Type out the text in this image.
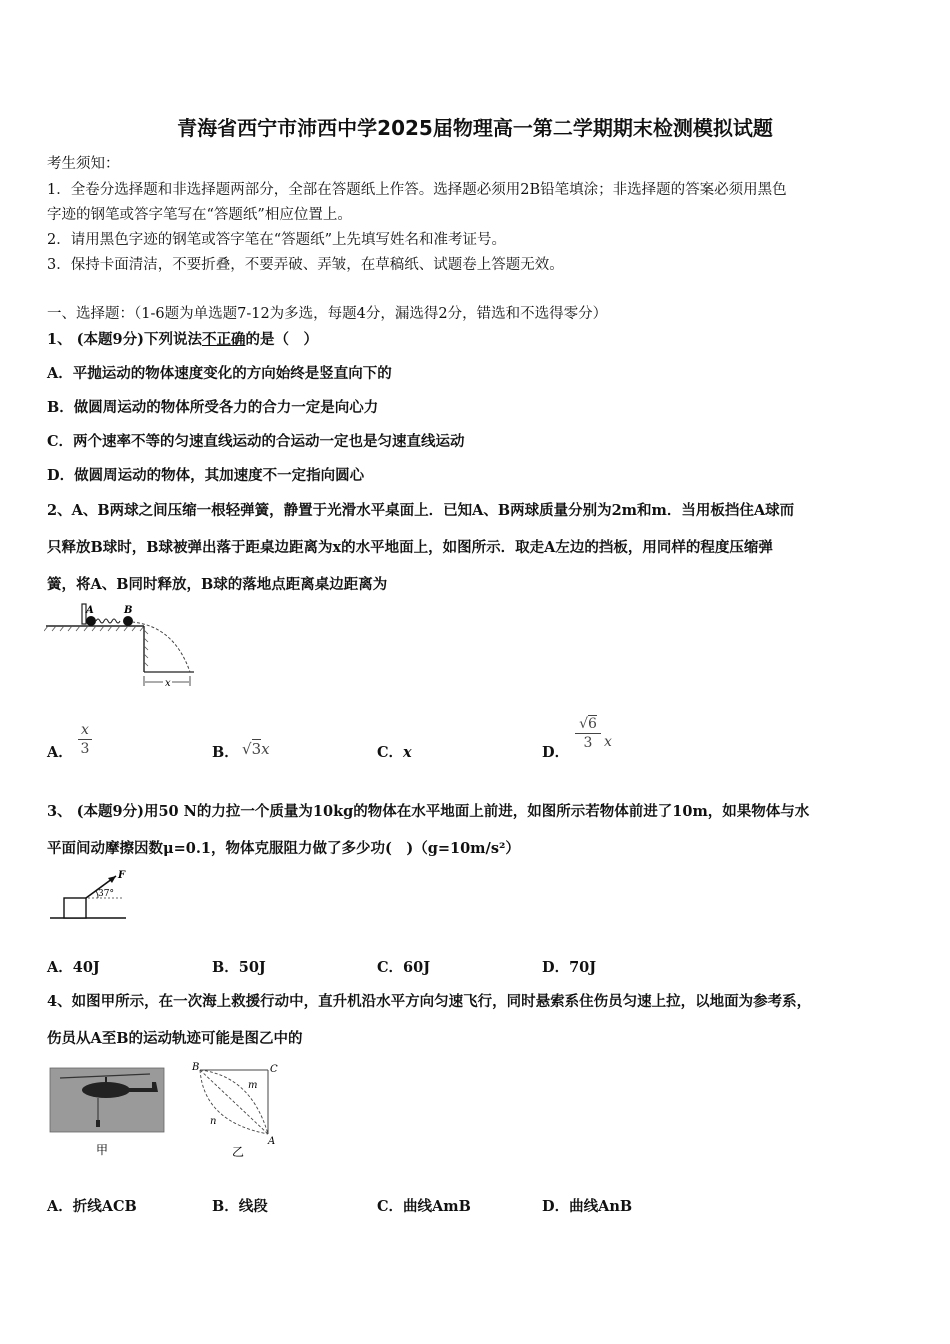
青海省西宁市沛西中学2025届物理高一第二学期期末检测模拟试题
考生须知：
1．全卷分选择题和非选择题两部分，全部在答题纸上作答。选择题必须用2B铅笔填涂；非选择题的答案必须用黑色
字迹的钢笔或答字笔写在“答题纸”相应位置上。
2．请用黑色字迹的钢笔或答字笔在“答题纸”上先填写姓名和准考证号。
3．保持卡面清洁，不要折叠，不要弄破、弄皱，在草稿纸、试题卷上答题无效。
一、选择题：（1-6题为单选题7-12为多选，每题4分，漏选得2分，错选和不选得零分）
1、 (本题9分)下列说法不正确的是（　）
A．平抛运动的物体速度变化的方向始终是竖直向下的
B．做圆周运动的物体所受各力的合力一定是向心力
C．两个速率不等的匀速直线运动的合运动一定也是匀速直线运动
D．做圆周运动的物体，其加速度不一定指向圆心
2、A、B两球之间压缩一根轻弹簧，静置于光滑水平桌面上．已知A、B两球质量分别为2m和m．当用板挡住A球而
只释放B球时，B球被弹出落于距桌边距离为x的水平地面上，如图所示．取走A左边的挡板，用同样的程度压缩弹
簧，将A、B同时释放，B球的落地点距离桌边距离为
A	B
x
A．
x
3	B． √3x	C．x	D．
√6
3 x
3、 (本题9分)用50 N的力拉一个质量为10kg的物体在水平地面上前进，如图所示若物体前进了10m，如果物体与水
平面间动摩擦因数μ=0.1，物体克服阻力做了多少功(　)（g=10m/s²）
F
37°
A．40J	B．50J	C．60J	D．70J
4、如图甲所示，在一次海上救援行动中，直升机沿水平方向匀速飞行，同时悬索系住伤员匀速上拉，以地面为参考系，
伤员从A至B的运动轨迹可能是图乙中的
甲
B	C
A
m
n
乙
A．折线ACB	B．线段	C．曲线AmB	D．曲线AnB
